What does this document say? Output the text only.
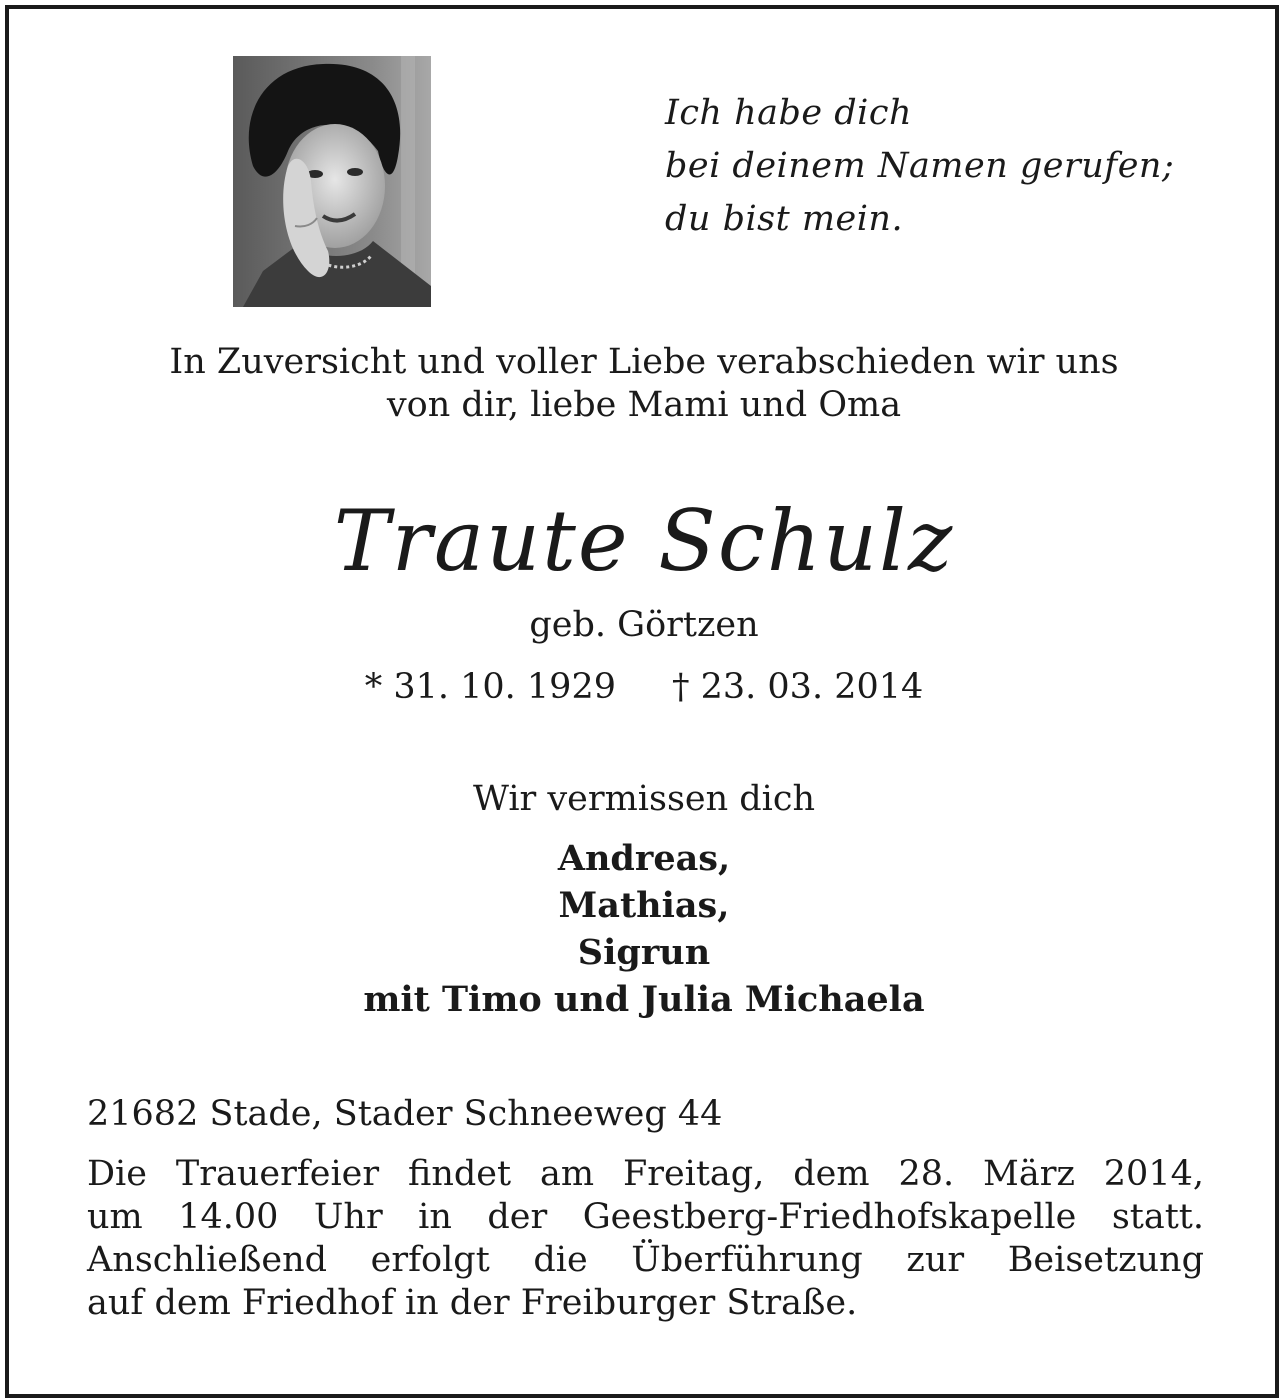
Ich habe dich
bei deinem Namen gerufen;
du bist mein.
In Zuversicht und voller Liebe verabschieden wir uns
von dir, liebe Mami und Oma
Traute Schulz
geb. Görtzen
* 31. 10. 1929 † 23. 03. 2014
Wir vermissen dich
Andreas,
Mathias,
Sigrun
mit Timo und Julia Michaela
21682 Stade, Stader Schneeweg 44
Die Trauerfeier findet am Freitag, dem 28. März 2014,
um 14.00 Uhr in der Geestberg-Friedhofskapelle statt.
Anschließend erfolgt die Überführung zur Beisetzung
auf dem Friedhof in der Freiburger Straße.
